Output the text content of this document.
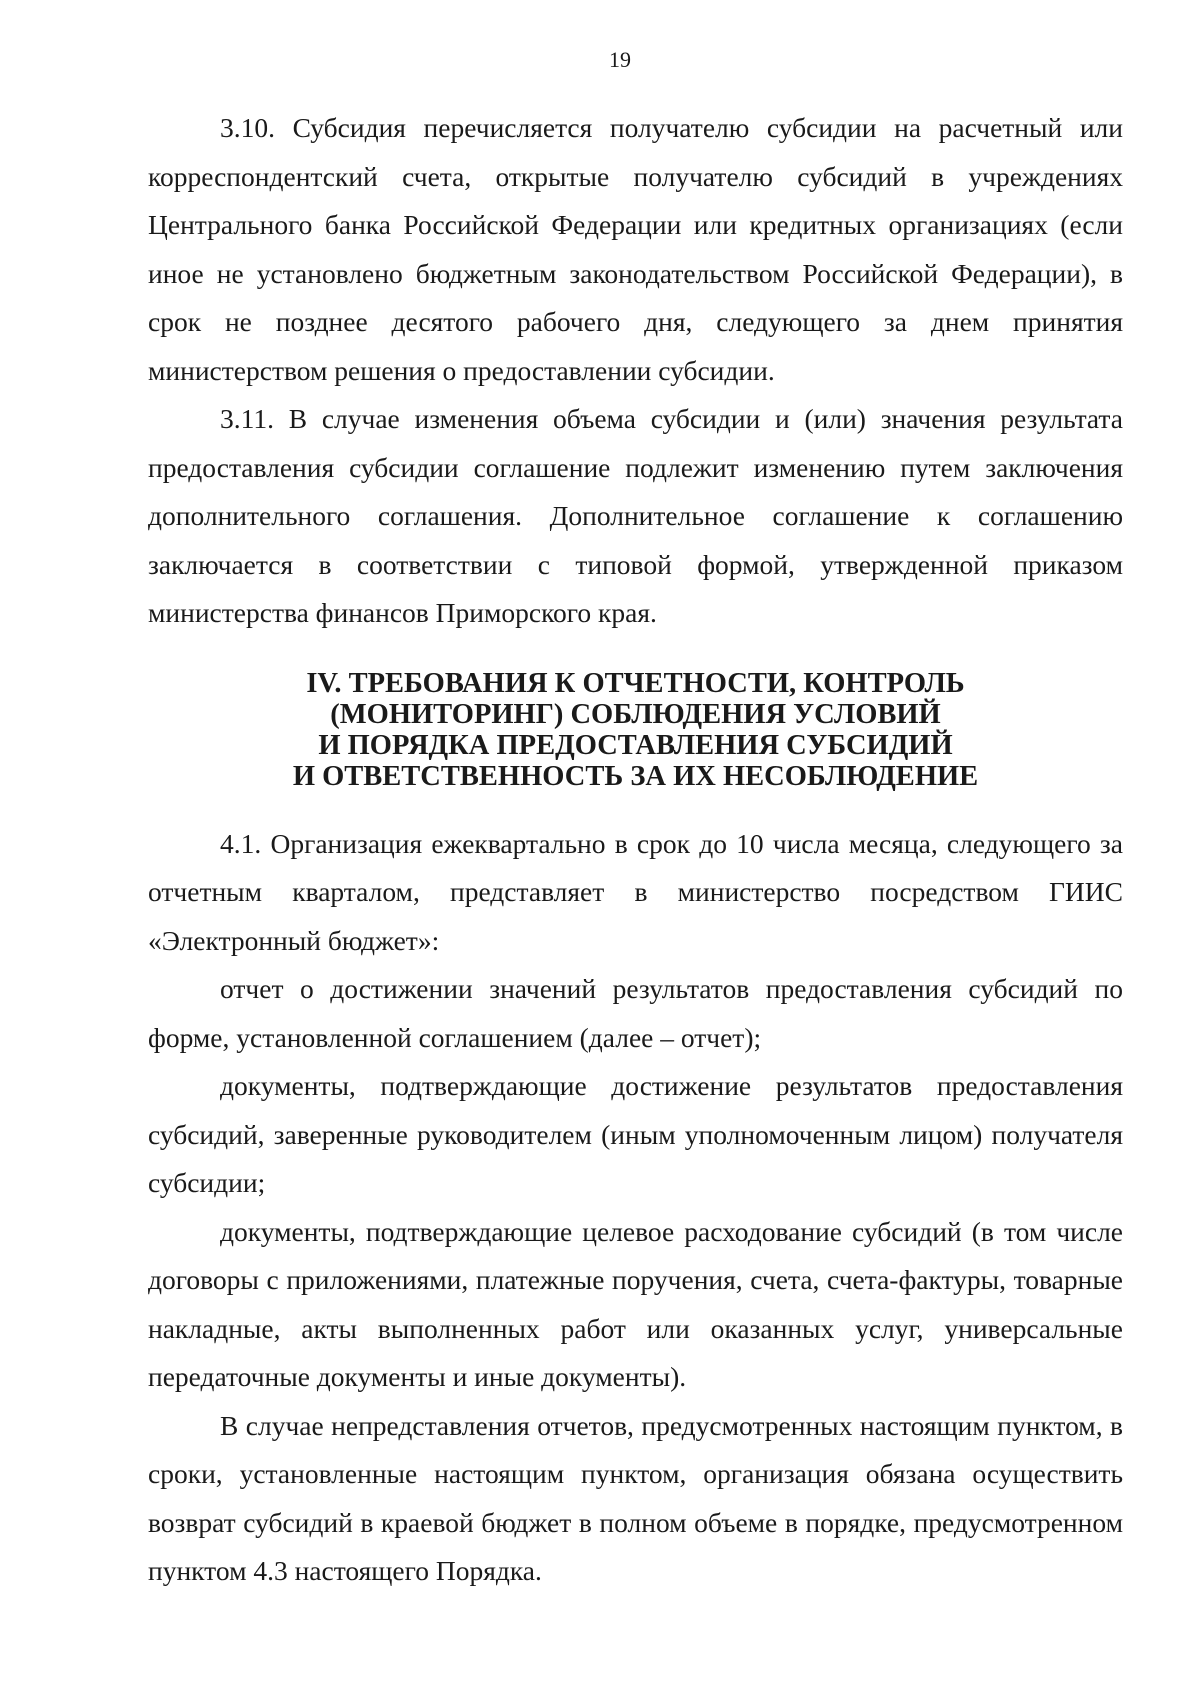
19

3.10. Субсидия перечисляется получателю субсидии на расчетный или корреспондентский счета, открытые получателю субсидий в учреждениях Центрального банка Российской Федерации или кредитных организациях (если иное не установлено бюджетным законодательством Российской Федерации), в срок не позднее десятого рабочего дня, следующего за днем принятия министерством решения о предоставлении субсидии.

3.11. В случае изменения объема субсидии и (или) значения результата предоставления субсидии соглашение подлежит изменению путем заключения дополнительного соглашения. Дополнительное соглашение к соглашению заключается в соответствии с типовой формой, утвержденной приказом министерства финансов Приморского края.

IV. ТРЕБОВАНИЯ К ОТЧЕТНОСТИ, КОНТРОЛЬ
(МОНИТОРИНГ) СОБЛЮДЕНИЯ УСЛОВИЙ
И ПОРЯДКА ПРЕДОСТАВЛЕНИЯ СУБСИДИЙ
И ОТВЕТСТВЕННОСТЬ ЗА ИХ НЕСОБЛЮДЕНИЕ

4.1. Организация ежеквартально в срок до 10 числа месяца, следующего за отчетным кварталом, представляет в министерство посредством ГИИС «Электронный бюджет»:

отчет о достижении значений результатов предоставления субсидий по форме, установленной соглашением (далее – отчет);

документы, подтверждающие достижение результатов предоставления субсидий, заверенные руководителем (иным уполномоченным лицом) получателя субсидии;

документы, подтверждающие целевое расходование субсидий (в том числе договоры с приложениями, платежные поручения, счета, счета-фактуры, товарные накладные, акты выполненных работ или оказанных услуг, универсальные передаточные документы и иные документы).

В случае непредставления отчетов, предусмотренных настоящим пунктом, в сроки, установленные настоящим пунктом, организация обязана осуществить возврат субсидий в краевой бюджет в полном объеме в порядке, предусмотренном пунктом 4.3 настоящего Порядка.
